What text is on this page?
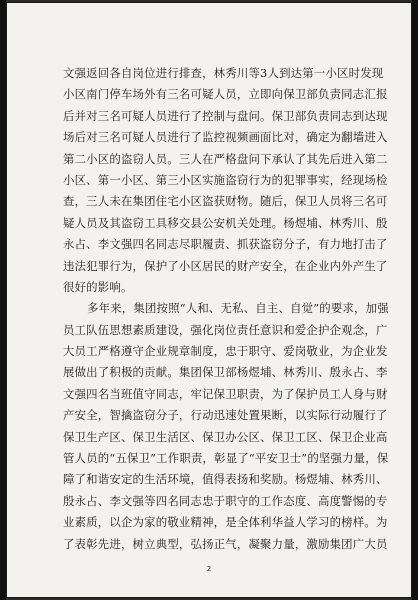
文强返回各自岗位进行排查，林秀川等3人到达第一小区时发现
小区南门停车场外有三名可疑人员，立即向保卫部负责同志汇报
后并对三名可疑人员进行了控制与盘问。保卫部负责同志到达现
场后对三名可疑人员进行了监控视频画面比对，确定为翻墙进入
第二小区的盗窃人员。三人在严格盘问下承认了其先后进入第二
小区、第一小区、第三小区实施盗窃行为的犯罪事实，经现场检
查，三人未在集团住宅小区盗获财物。随后，保卫人员将三名可
疑人员及其盗窃工具移交县公安机关处理。杨煜埔、林秀川、殷
永占、李文强四名同志尽职履责、抓获盗窃分子，有力地打击了
违法犯罪行为，保护了小区居民的财产安全，在企业内外产生了
很好的影响。
多年来，集团按照“人和、无私、自主、自觉”的要求，加强
员工队伍思想素质建设，强化岗位责任意识和爱企护企观念，广
大员工严格遵守企业规章制度，忠于职守、爱岗敬业，为企业发
展做出了积极的贡献。集团保卫部杨煜埔、林秀川、殷永占、李
文强四名当班值守同志，牢记保卫职责，为了保护员工人身与财
产安全，智擒盗窃分子，行动迅速处置果断，以实际行动履行了
保卫生产区、保卫生活区、保卫办公区、保卫工区、保卫企业高
管人员的“五保卫”工作职责，彰显了“平安卫士”的坚强力量，保
障了和谐安定的生活环境，值得表扬和奖励。杨煜埔、林秀川、
殷永占、李文强等四名同志忠于职守的工作态度、高度警惕的专
业素质，以企为家的敬业精神，是全体利华益人学习的榜样。为
了表彰先进，树立典型，弘扬正气，凝聚力量，激励集团广大员
2
